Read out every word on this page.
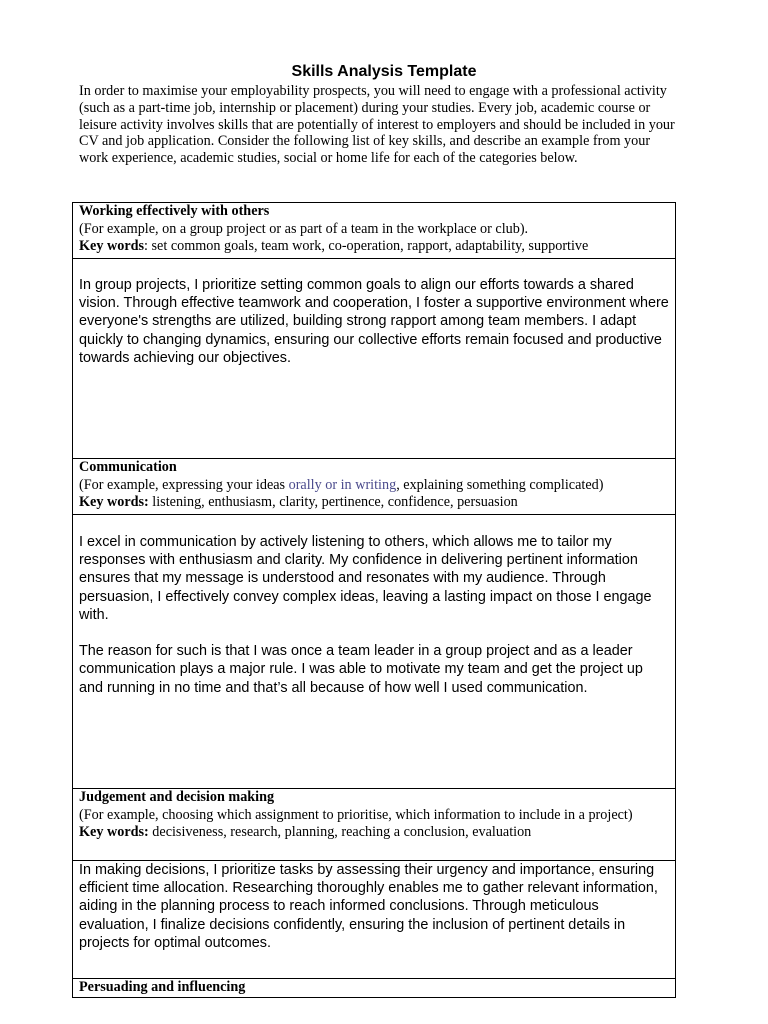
Skills Analysis Template
In order to maximise your employability prospects, you will need to engage with a professional activity (such as a part-time job, internship or placement) during your studies. Every job, academic course or leisure activity involves skills that are potentially of interest to employers and should be included in your CV and job application. Consider the following list of key skills, and describe an example from your work experience, academic studies, social or home life for each of the categories below.
Working effectively with others
(For example, on a group project or as part of a team in the workplace or club).
Key words: set common goals, team work, co-operation, rapport, adaptability, supportive

In group projects, I prioritize setting common goals to align our efforts towards a shared vision. Through effective teamwork and cooperation, I foster a supportive environment where everyone's strengths are utilized, building strong rapport among team members. I adapt quickly to changing dynamics, ensuring our collective efforts remain focused and productive towards achieving our objectives.

Communication
(For example, expressing your ideas orally or in writing, explaining something complicated)
Key words: listening, enthusiasm, clarity, pertinence, confidence, persuasion

I excel in communication by actively listening to others, which allows me to tailor my responses with enthusiasm and clarity. My confidence in delivering pertinent information ensures that my message is understood and resonates with my audience. Through persuasion, I effectively convey complex ideas, leaving a lasting impact on those I engage with.

The reason for such is that I was once a team leader in a group project and as a leader communication plays a major rule. I was able to motivate my team and get the project up and running in no time and that’s all because of how well I used communication.

Judgement and decision making
(For example, choosing which assignment to prioritise, which information to include in a project)
Key words: decisiveness, research, planning, reaching a conclusion, evaluation

In making decisions, I prioritize tasks by assessing their urgency and importance, ensuring efficient time allocation. Researching thoroughly enables me to gather relevant information, aiding in the planning process to reach informed conclusions. Through meticulous evaluation, I finalize decisions confidently, ensuring the inclusion of pertinent details in projects for optimal outcomes.

Persuading and influencing
